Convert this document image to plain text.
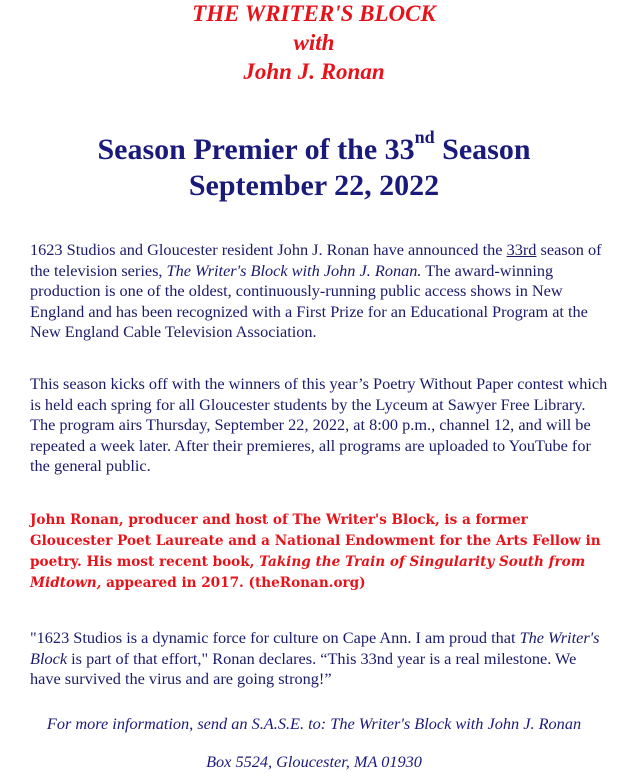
THE WRITER'S BLOCK

with

John J. Ronan

Season Premier of the 33nd Season
September 22, 2022

1623 Studios and Gloucester resident John J. Ronan have announced the 33rd season of the television series, The Writer's Block with John J. Ronan. The award-winning production is one of the oldest, continuously-running public access shows in New England and has been recognized with a First Prize for an Educational Program at the New England Cable Television Association.

This season kicks off with the winners of this year’s Poetry Without Paper contest which is held each spring for all Gloucester students by the Lyceum at Sawyer Free Library. The program airs Thursday, September 22, 2022, at 8:00 p.m., channel 12, and will be repeated a week later. After their premieres, all programs are uploaded to YouTube for the general public.

John Ronan, producer and host of The Writer's Block, is a former Gloucester Poet Laureate and a National Endowment for the Arts Fellow in poetry. His most recent book, Taking the Train of Singularity South from Midtown, appeared in 2017. (theRonan.org)

"1623 Studios is a dynamic force for culture on Cape Ann. I am proud that The Writer's Block is part of that effort," Ronan declares. “This 33nd year is a real milestone. We have survived the virus and are going strong!”

For more information, send an S.A.S.E. to: The Writer's Block with John J. Ronan

Box 5524, Gloucester, MA 01930
